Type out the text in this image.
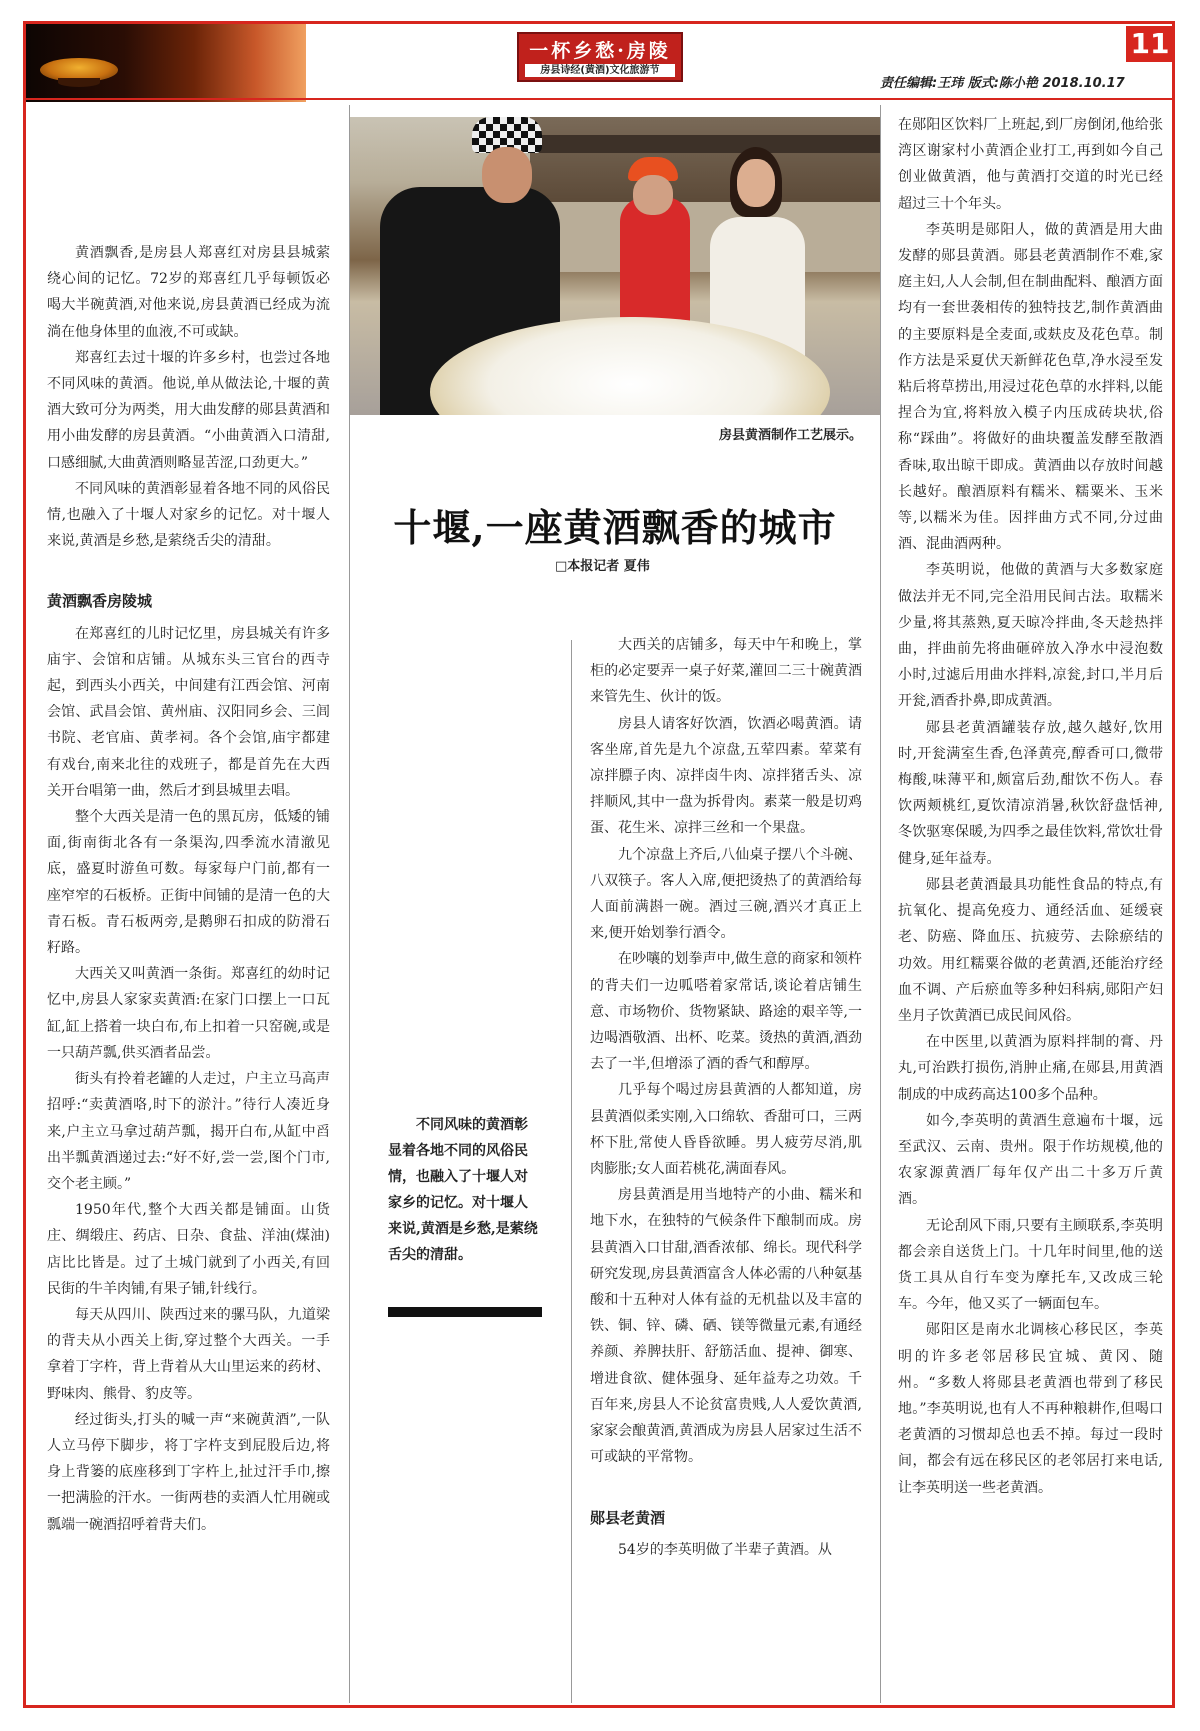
一杯乡愁·房陵
房县诗经(黄酒)文化旅游节
11
责任编辑:王玮 版式:陈小艳 2018.10.17

黄酒飘香,是房县人郑喜红对房县县城萦绕心间的记忆。72岁的郑喜红几乎每顿饭必喝大半碗黄酒,对他来说,房县黄酒已经成为流淌在他身体里的血液,不可或缺。

郑喜红去过十堰的许多乡村，也尝过各地不同风味的黄酒。他说,单从做法论,十堰的黄酒大致可分为两类，用大曲发酵的郧县黄酒和用小曲发酵的房县黄酒。“小曲黄酒入口清甜,口感细腻,大曲黄酒则略显苦涩,口劲更大。”

不同风味的黄酒彰显着各地不同的风俗民情,也融入了十堰人对家乡的记忆。对十堰人来说,黄酒是乡愁,是萦绕舌尖的清甜。

黄酒飘香房陵城

在郑喜红的儿时记忆里，房县城关有许多庙宇、会馆和店铺。从城东头三官台的西寺起，到西头小西关，中间建有江西会馆、河南会馆、武昌会馆、黄州庙、汉阳同乡会、三闾书院、老官庙、黄孝祠。各个会馆,庙宇都建有戏台,南来北往的戏班子，都是首先在大西关开台唱第一曲，然后才到县城里去唱。

整个大西关是清一色的黑瓦房，低矮的铺面,街南街北各有一条渠沟,四季流水清澈见底，盛夏时游鱼可数。每家每户门前,都有一座窄窄的石板桥。正街中间铺的是清一色的大青石板。青石板两旁,是鹅卵石扣成的防滑石籽路。

大西关又叫黄酒一条街。郑喜红的幼时记忆中,房县人家家卖黄酒:在家门口摆上一口瓦缸,缸上搭着一块白布,布上扣着一只窑碗,或是一只葫芦瓢,供买酒者品尝。

街头有拎着老罐的人走过，户主立马高声招呼:“卖黄酒咯,时下的淤汁。”待行人凑近身来,户主立马拿过葫芦瓢，揭开白布,从缸中舀出半瓢黄酒递过去:“好不好,尝一尝,图个门市,交个老主顾。”

1950年代,整个大西关都是铺面。山货庄、绸缎庄、药店、日杂、食盐、洋油(煤油)店比比皆是。过了土城门就到了小西关,有回民街的牛羊肉铺,有果子铺,针线行。

每天从四川、陕西过来的骡马队，九道梁的背夫从小西关上街,穿过整个大西关。一手拿着丁字杵，背上背着从大山里运来的药材、野味肉、熊骨、豹皮等。

经过街头,打头的喊一声“来碗黄酒”,一队人立马停下脚步，将丁字杵支到屁股后边,将身上背篓的底座移到丁字杵上,扯过汗手巾,擦一把满脸的汗水。一街两巷的卖酒人忙用碗或瓢端一碗酒招呼着背夫们。

房县黄酒制作工艺展示。
十堰,一座黄酒飘香的城市
□本报记者 夏伟
不同风味的黄酒彰显着各地不同的风俗民情，也融入了十堰人对家乡的记忆。对十堰人来说,黄酒是乡愁,是萦绕舌尖的清甜。

大西关的店铺多，每天中午和晚上，掌柜的必定要弄一桌子好菜,灌回二三十碗黄酒来管先生、伙计的饭。

房县人请客好饮酒，饮酒必喝黄酒。请客坐席,首先是九个凉盘,五荤四素。荤菜有凉拌膘子肉、凉拌卤牛肉、凉拌猪舌头、凉拌顺风,其中一盘为拆骨肉。素菜一般是切鸡蛋、花生米、凉拌三丝和一个果盘。

九个凉盘上齐后,八仙桌子摆八个斗碗、八双筷子。客人入席,便把烫热了的黄酒给每人面前满斟一碗。酒过三碗,酒兴才真正上来,便开始划拳行酒令。

在吵嚷的划拳声中,做生意的商家和领杵的背夫们一边呱嗒着家常话,谈论着店铺生意、市场物价、货物紧缺、路途的艰辛等,一边喝酒敬酒、出杯、吃菜。烫热的黄酒,酒劲去了一半,但增添了酒的香气和醇厚。

几乎每个喝过房县黄酒的人都知道，房县黄酒似柔实刚,入口绵软、香甜可口，三两杯下肚,常使人昏昏欲睡。男人疲劳尽消,肌肉膨胀;女人面若桃花,满面春风。

房县黄酒是用当地特产的小曲、糯米和地下水，在独特的气候条件下酿制而成。房县黄酒入口甘甜,酒香浓郁、绵长。现代科学研究发现,房县黄酒富含人体必需的八种氨基酸和十五种对人体有益的无机盐以及丰富的铁、铜、锌、磷、硒、镁等微量元素,有通经养颜、养脾扶肝、舒筋活血、提神、御寒、增进食欲、健体强身、延年益寿之功效。千百年来,房县人不论贫富贵贱,人人爱饮黄酒,家家会酿黄酒,黄酒成为房县人居家过生活不可或缺的平常物。

郧县老黄酒

54岁的李英明做了半辈子黄酒。从

在郧阳区饮料厂上班起,到厂房倒闭,他给张湾区谢家村小黄酒企业打工,再到如今自己创业做黄酒，他与黄酒打交道的时光已经超过三十个年头。

李英明是郧阳人，做的黄酒是用大曲发酵的郧县黄酒。郧县老黄酒制作不难,家庭主妇,人人会制,但在制曲配料、酿酒方面均有一套世袭相传的独特技艺,制作黄酒曲的主要原料是全麦面,或麸皮及花色草。制作方法是采夏伏天新鲜花色草,净水浸至发粘后将草捞出,用浸过花色草的水拌料,以能捏合为宜,将料放入模子内压成砖块状,俗称“踩曲”。将做好的曲块覆盖发酵至散酒香味,取出晾干即成。黄酒曲以存放时间越长越好。酿酒原料有糯米、糯粟米、玉米等,以糯米为佳。因拌曲方式不同,分过曲酒、混曲酒两种。

李英明说，他做的黄酒与大多数家庭做法并无不同,完全沿用民间古法。取糯米少量,将其蒸熟,夏天晾冷拌曲,冬天趁热拌曲，拌曲前先将曲砸碎放入净水中浸泡数小时,过滤后用曲水拌料,凉瓮,封口,半月后开瓮,酒香扑鼻,即成黄酒。

郧县老黄酒罐装存放,越久越好,饮用时,开瓮满室生香,色泽黄亮,醇香可口,微带梅酸,味薄平和,颇富后劲,酣饮不伤人。春饮两颊桃红,夏饮清凉消暑,秋饮舒盘恬神,冬饮驱寒保暖,为四季之最佳饮料,常饮壮骨健身,延年益寿。

郧县老黄酒最具功能性食品的特点,有抗氧化、提高免疫力、通经活血、延缓衰老、防癌、降血压、抗疲劳、去除瘀结的功效。用红糯粟谷做的老黄酒,还能治疗经血不调、产后瘀血等多种妇科病,郧阳产妇坐月子饮黄酒已成民间风俗。

在中医里,以黄酒为原料拌制的膏、丹丸,可治跌打损伤,消肿止痛,在郧县,用黄酒制成的中成药高达100多个品种。

如今,李英明的黄酒生意遍布十堰，远至武汉、云南、贵州。限于作坊规模,他的农家源黄酒厂每年仅产出二十多万斤黄酒。

无论刮风下雨,只要有主顾联系,李英明都会亲自送货上门。十几年时间里,他的送货工具从自行车变为摩托车,又改成三轮车。今年，他又买了一辆面包车。

郧阳区是南水北调核心移民区，李英明的许多老邻居移民宜城、黄冈、随州。“多数人将郧县老黄酒也带到了移民地。”李英明说,也有人不再种粮耕作,但喝口老黄酒的习惯却总也丢不掉。每过一段时间，都会有远在移民区的老邻居打来电话,让李英明送一些老黄酒。
